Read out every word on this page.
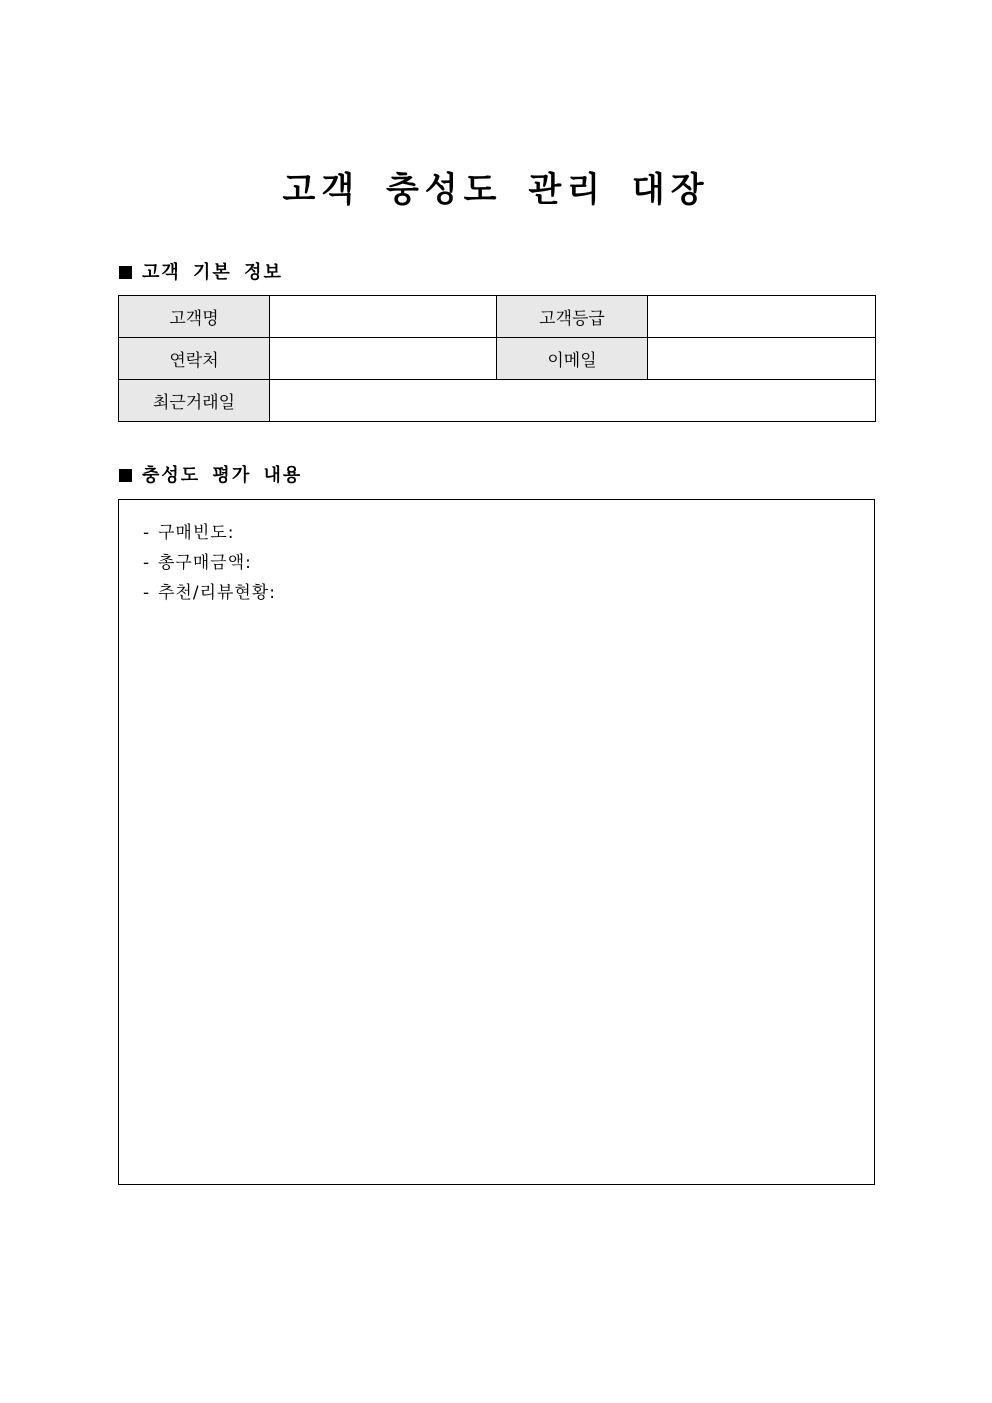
고객 충성도 관리 대장
고객 기본 정보
고객명		고객등급	
연락처		이메일	
최근거래일			
충성도 평가 내용
- 구매빈도:
- 총구매금액:
- 추천/리뷰현황:
